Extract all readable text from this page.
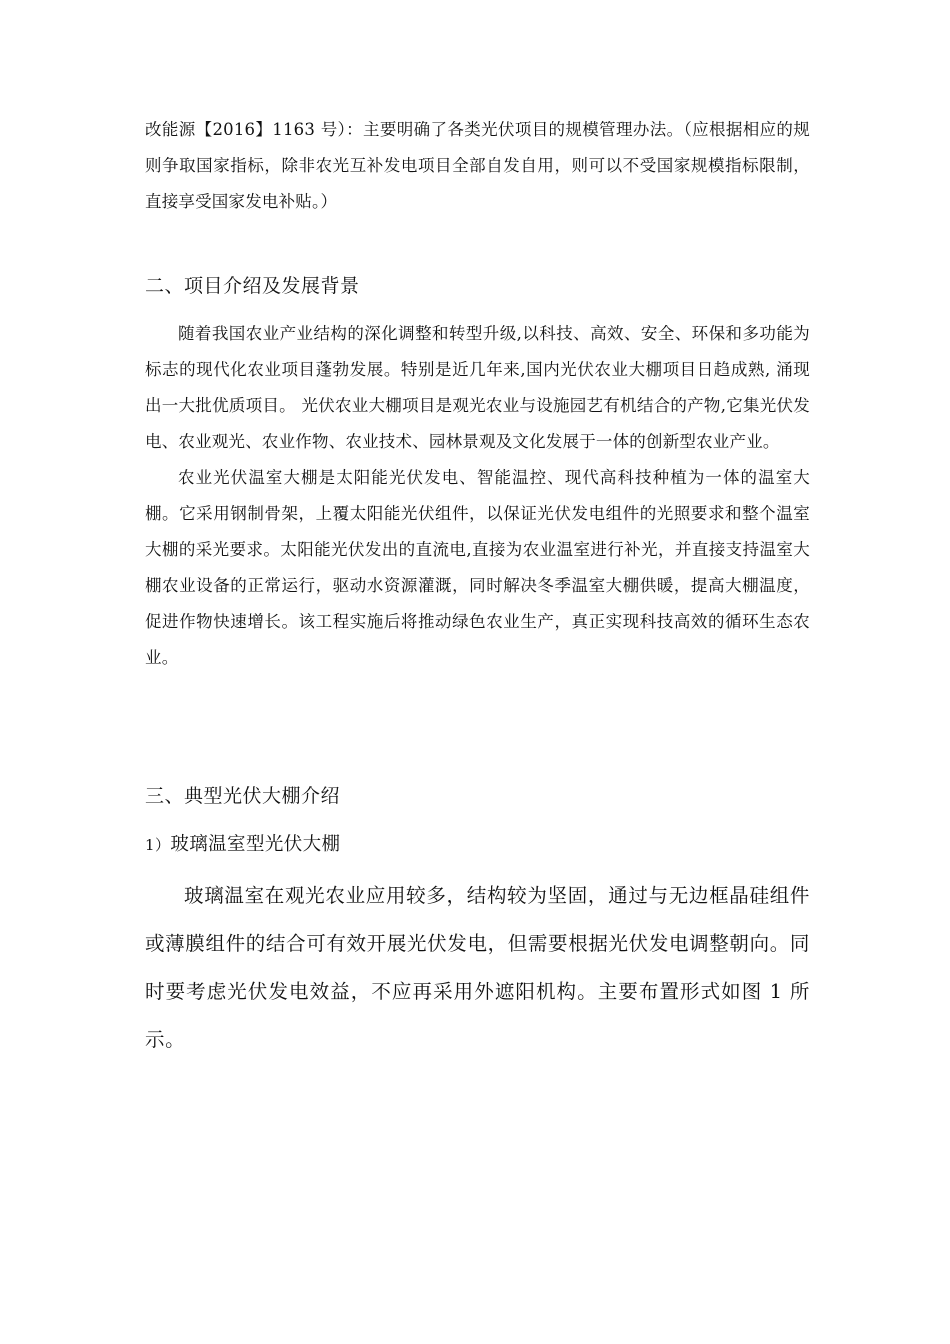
改能源【2016】1163 号）：主要明确了各类光伏项目的规模管理办法。（应根据相应的规则争取国家指标，除非农光互补发电项目全部自发自用，则可以不受国家规模指标限制，直接享受国家发电补贴。）

二、项目介绍及发展背景

随着我国农业产业结构的深化调整和转型升级,以科技、高效、安全、环保和多功能为标志的现代化农业项目蓬勃发展。特别是近几年来,国内光伏农业大棚项目日趋成熟, 涌现出一大批优质项目。 光伏农业大棚项目是观光农业与设施园艺有机结合的产物,它集光伏发电、农业观光、农业作物、农业技术、园林景观及文化发展于一体的创新型农业产业。

农业光伏温室大棚是太阳能光伏发电、智能温控、现代高科技种植为一体的温室大棚。它采用钢制骨架，上覆太阳能光伏组件，以保证光伏发电组件的光照要求和整个温室大棚的采光要求。太阳能光伏发出的直流电,直接为农业温室进行补光，并直接支持温室大棚农业设备的正常运行，驱动水资源灌溉，同时解决冬季温室大棚供暖，提高大棚温度，促进作物快速增长。该工程实施后将推动绿色农业生产，真正实现科技高效的循环生态农业。

三、典型光伏大棚介绍
1）玻璃温室型光伏大棚

玻璃温室在观光农业应用较多，结构较为坚固，通过与无边框晶硅组件或薄膜组件的结合可有效开展光伏发电，但需要根据光伏发电调整朝向。同时要考虑光伏发电效益，不应再采用外遮阳机构。主要布置形式如图 1 所示。
